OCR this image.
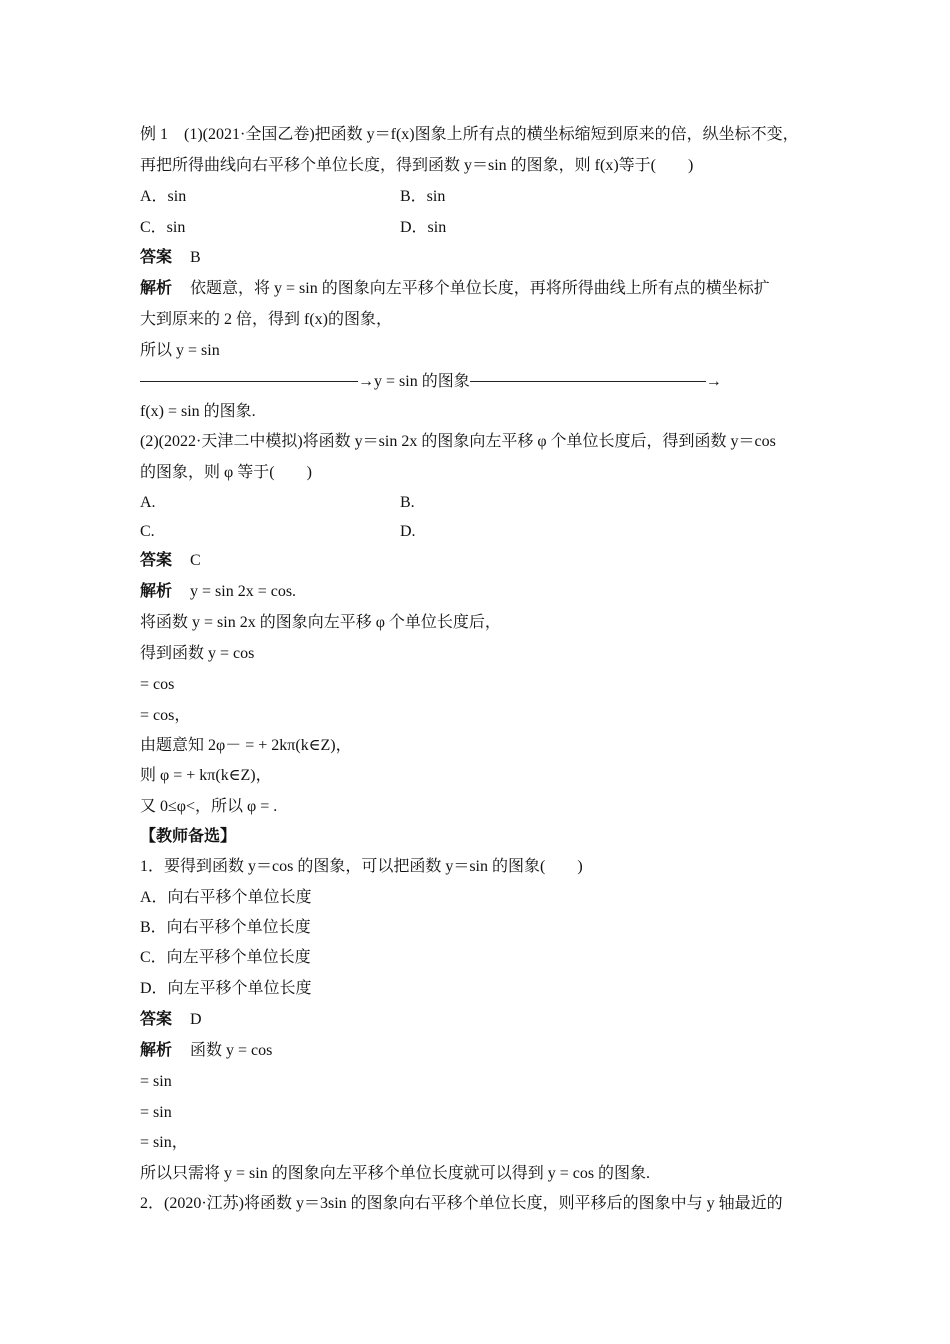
例 1　(1)(2021·全国乙卷)把函数 y＝f(x)图象上所有点的横坐标缩短到原来的倍，纵坐标不变，
再把所得曲线向右平移个单位长度，得到函数 y＝sin 的图象，则 f(x)等于(　　)
A．sin	B．sin
C．sin	D．sin
答案 B
解析 依题意，将 y = sin 的图象向左平移个单位长度，再将所得曲线上所有点的横坐标扩
大到原来的 2 倍，得到 f(x)的图象，
所以 y = sin
→y = sin 的图象	→
f(x) = sin 的图象.
(2)(2022·天津二中模拟)将函数 y＝sin 2x 的图象向左平移 φ 个单位长度后，得到函数 y＝cos
的图象，则 φ 等于(　　)
A.	B.
C.	D.
答案 C
解析 y = sin 2x = cos.
将函数 y = sin 2x 的图象向左平移 φ 个单位长度后，
得到函数 y = cos
= cos
= cos，
由题意知 2φ－ = + 2kπ(k∈Z)，
则 φ = + kπ(k∈Z)，
又 0≤φ<，所以 φ = .
【教师备选】
1．要得到函数 y＝cos 的图象，可以把函数 y＝sin 的图象(　　)
A．向右平移个单位长度
B．向右平移个单位长度
C．向左平移个单位长度
D．向左平移个单位长度
答案 D
解析 函数 y = cos
= sin
= sin
= sin，
所以只需将 y = sin 的图象向左平移个单位长度就可以得到 y = cos 的图象.
2．(2020·江苏)将函数 y＝3sin 的图象向右平移个单位长度，则平移后的图象中与 y 轴最近的
